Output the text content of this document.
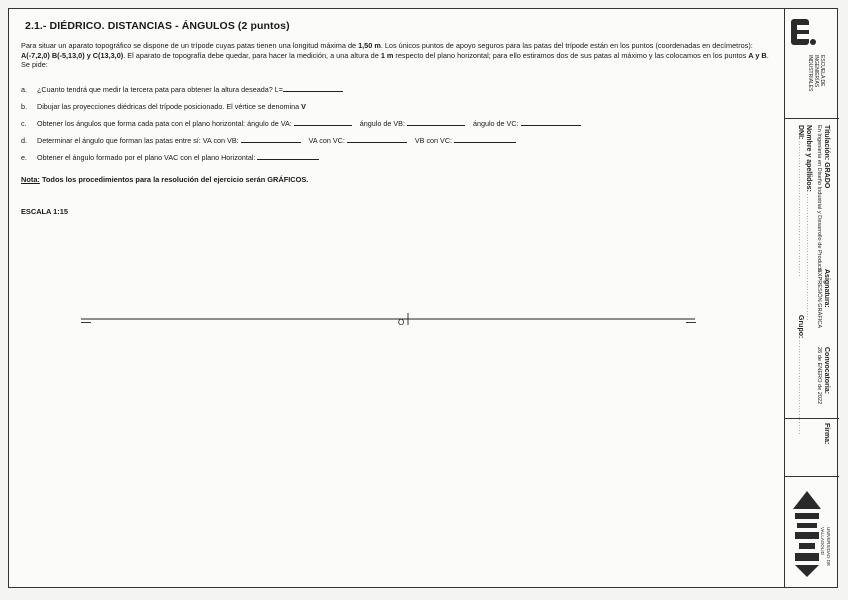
2.1.- DIÉDRICO. DISTANCIAS - ÁNGULOS (2 puntos)
Para situar un aparato topográfico se dispone de un trípode cuyas patas tienen una longitud máxima de 1,50 m. Los únicos puntos de apoyo seguros para las patas del trípode están en los puntos (coordenadas en decímetros): A(-7,2,0) B(-5,13,0) y C(13,3,0). El aparato de topografía debe quedar, para hacer la medición, a una altura de 1 m respecto del plano horizontal; para ello estiramos dos de sus patas al máximo y las colocamos en los puntos A y B. Se pide:
a. ¿Cuanto tendrá que medir la tercera pata para obtener la altura deseada? L=
b. Dibujar las proyecciones diédricas del trípode posicionado. El vértice se denomina V
c. Obtener los ángulos que forma cada pata con el plano horizontal: ángulo de VA:	ángulo de VB:	ángulo de VC:
d. Determinar el ángulo que forman las patas entre sí: VA con VB:	VA con VC:	VB con VC:
e. Obtener el ángulo formado por el plano VAC con el plano Horizontal:
Nota: Todos los procedimientos para la resolución del ejercicio serán GRÁFICOS.
ESCALA 1:15
O
ESCUELA DE INGENIERÍAS INDUSTRIALES
Titulación: GRADO
En Ingeniería en Diseño Industrial y Desarrollo de Producto
Nombre y apellidos: ...............................................
DNI: ..................................................
Asignatura:
EXPRESIÓN GRÁFICA
Grupo: ...................................	Convocatoria:
26 de ENERO de 2022
Firma:
UNIVERSIDAD DE VALLADOLID
